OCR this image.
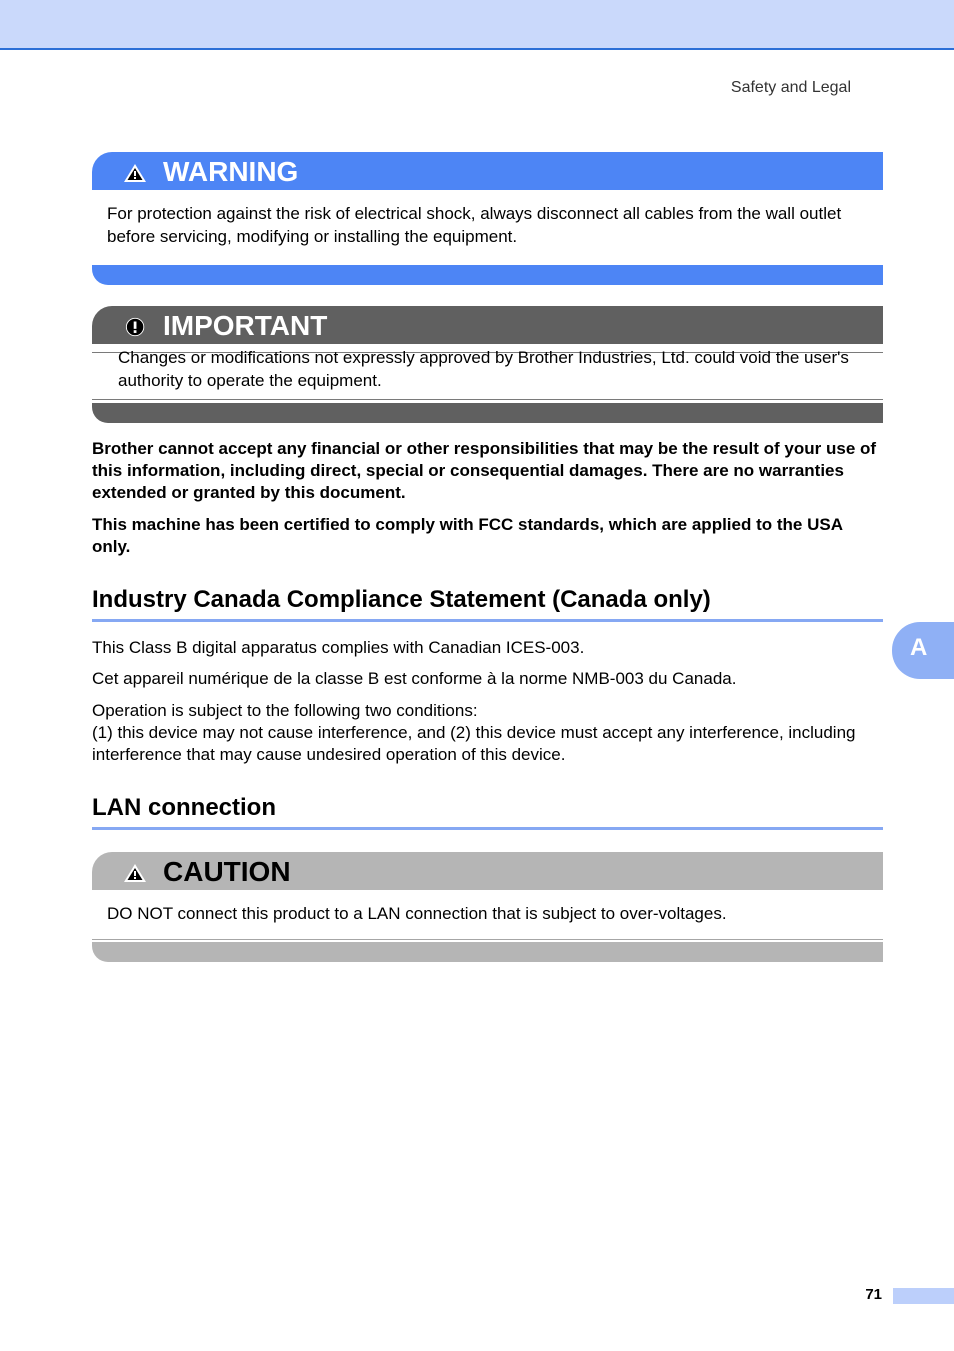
Safety and Legal
WARNING
For protection against the risk of electrical shock, always disconnect all cables from the wall outlet before servicing, modifying or installing the equipment.
IMPORTANT
Changes or modifications not expressly approved by Brother Industries, Ltd. could void the user's authority to operate the equipment.
Brother cannot accept any financial or other responsibilities that may be the result of your use of this information, including direct, special or consequential damages. There are no warranties extended or granted by this document.
This machine has been certified to comply with FCC standards, which are applied to the USA only.
Industry Canada Compliance Statement (Canada only)
This Class B digital apparatus complies with Canadian ICES-003.
Cet appareil numérique de la classe B est conforme à la norme NMB-003 du Canada.
Operation is subject to the following two conditions:
(1) this device may not cause interference, and (2) this device must accept any interference, including interference that may cause undesired operation of this device.
LAN connection
CAUTION
DO NOT connect this product to a LAN connection that is subject to over-voltages.
A
71
